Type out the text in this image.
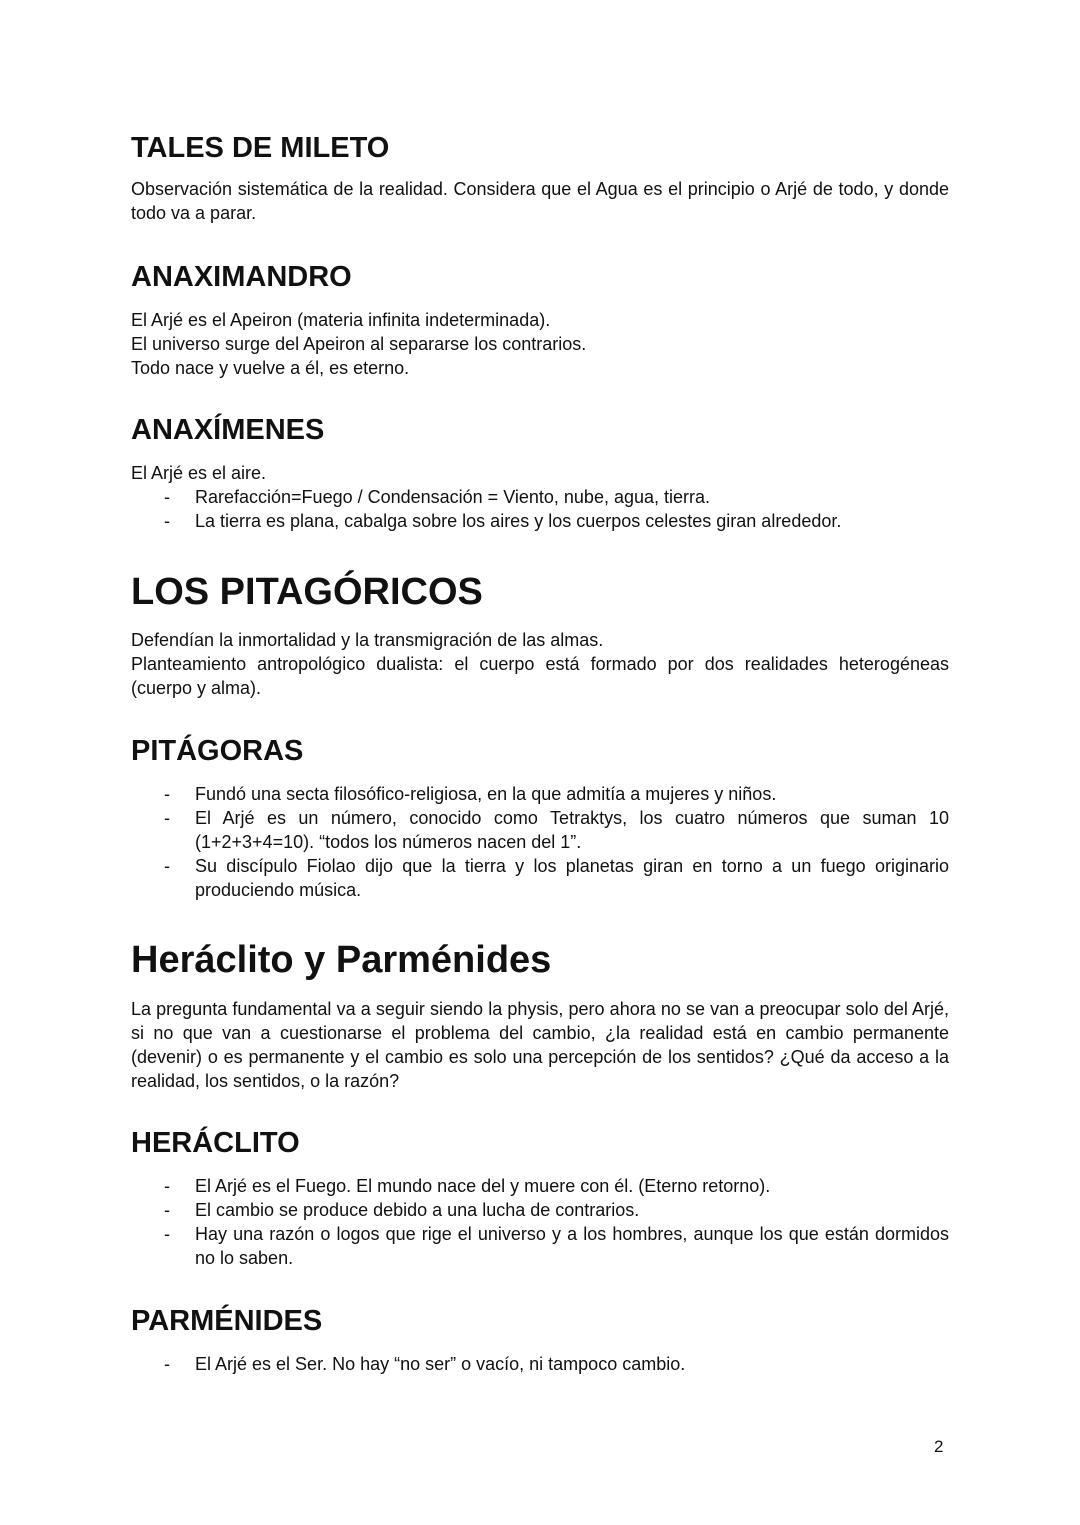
TALES DE MILETO
Observación sistemática de la realidad. Considera que el Agua es el principio o Arjé de todo, y donde todo va a parar.
ANAXIMANDRO
El Arjé es el Apeiron (materia infinita indeterminada).
El universo surge del Apeiron al separarse los contrarios.
Todo nace y vuelve a él, es eterno.
ANAXÍMENES
El Arjé es el aire.
- Rarefacción=Fuego / Condensación = Viento, nube, agua, tierra.
- La tierra es plana, cabalga sobre los aires y los cuerpos celestes giran alrededor.
LOS PITAGÓRICOS
Defendían la inmortalidad y la transmigración de las almas.
Planteamiento antropológico dualista: el cuerpo está formado por dos realidades heterogéneas (cuerpo y alma).
PITÁGORAS
- Fundó una secta filosófico-religiosa, en la que admitía a mujeres y niños.
- El Arjé es un número, conocido como Tetraktys, los cuatro números que suman 10 (1+2+3+4=10). “todos los números nacen del 1”.
- Su discípulo Fiolao dijo que la tierra y los planetas giran en torno a un fuego originario produciendo música.
Heráclito y Parménides
La pregunta fundamental va a seguir siendo la physis, pero ahora no se van a preocupar solo del Arjé, si no que van a cuestionarse el problema del cambio, ¿la realidad está en cambio permanente (devenir) o es permanente y el cambio es solo una percepción de los sentidos? ¿Qué da acceso a la realidad, los sentidos, o la razón?
HERÁCLITO
- El Arjé es el Fuego. El mundo nace del y muere con él. (Eterno retorno).
- El cambio se produce debido a una lucha de contrarios.
- Hay una razón o logos que rige el universo y a los hombres, aunque los que están dormidos no lo saben.
PARMÉNIDES
- El Arjé es el Ser. No hay “no ser” o vacío, ni tampoco cambio.
2
